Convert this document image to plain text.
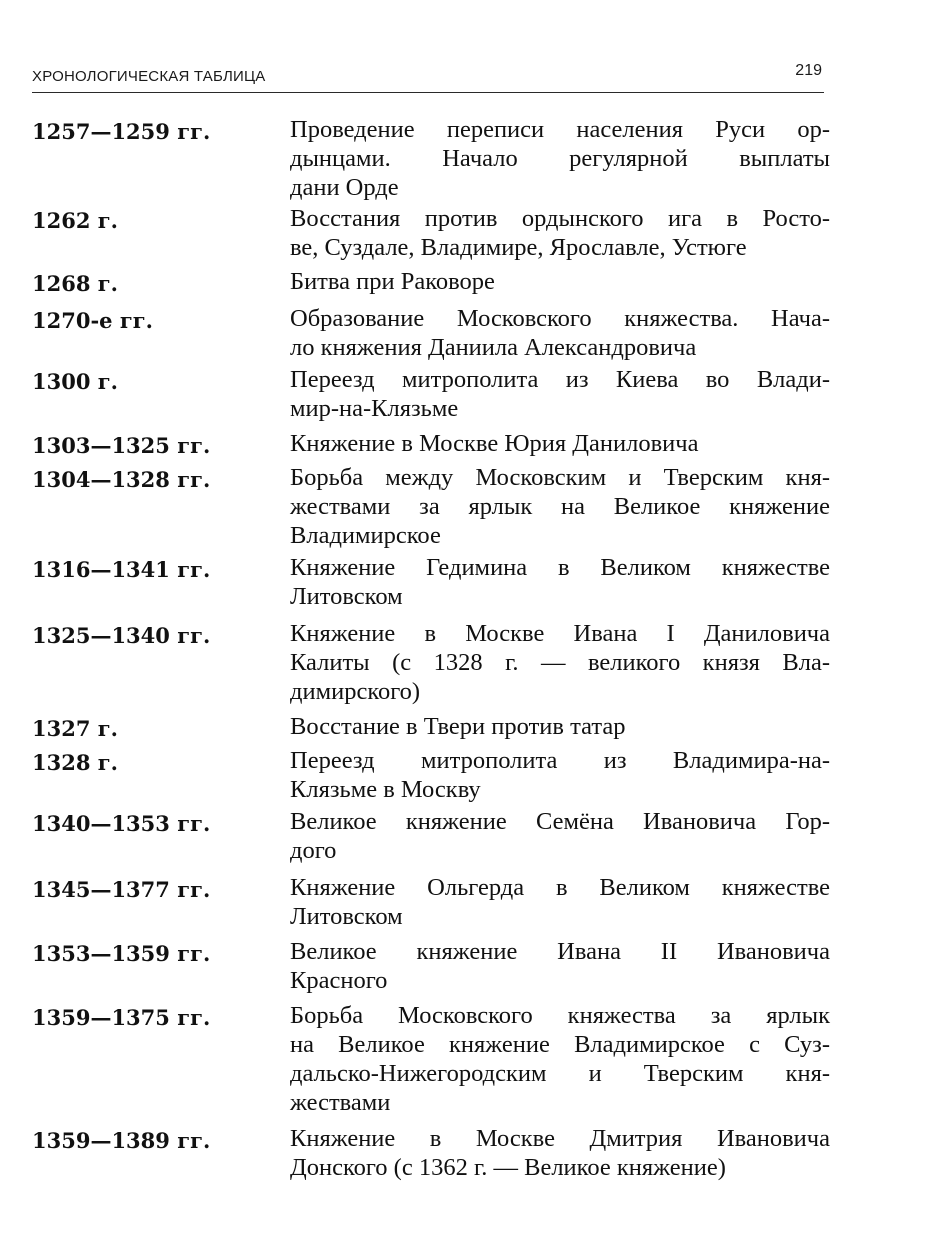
ХРОНОЛОГИЧЕСКАЯ ТАБЛИЦА	219
1257—1259 гг.	Проведение переписи населения Руси ор-
дынцами. Начало регулярной выплаты
дани Орде
1262 г.	Восстания против ордынского ига в Росто-
ве, Суздале, Владимире, Ярославле, Устюге
1268 г.	Битва при Раковоре
1270-е гг.	Образование Московского княжества. Нача-
ло княжения Даниила Александровича
1300 г.	Переезд митрополита из Киева во Влади-
мир-на-Клязьме
1303—1325 гг.	Княжение в Москве Юрия Даниловича
1304—1328 гг.	Борьба между Московским и Тверским кня-
жествами за ярлык на Великое княжение
Владимирское
1316—1341 гг.	Княжение Гедимина в Великом княжестве
Литовском
1325—1340 гг.	Княжение в Москве Ивана I Даниловича
Калиты (с 1328 г. — великого князя Вла-
димирского)
1327 г.	Восстание в Твери против татар
1328 г.	Переезд митрополита из Владимира-на-
Клязьме в Москву
1340—1353 гг.	Великое княжение Семёна Ивановича Гор-
дого
1345—1377 гг.	Княжение Ольгерда в Великом княжестве
Литовском
1353—1359 гг.	Великое княжение Ивана II Ивановича
Красного
1359—1375 гг.	Борьба Московского княжества за ярлык
на Великое княжение Владимирское с Суз-
дальско-Нижегородским и Тверским кня-
жествами
1359—1389 гг.	Княжение в Москве Дмитрия Ивановича
Донского (с 1362 г. — Великое княжение)
